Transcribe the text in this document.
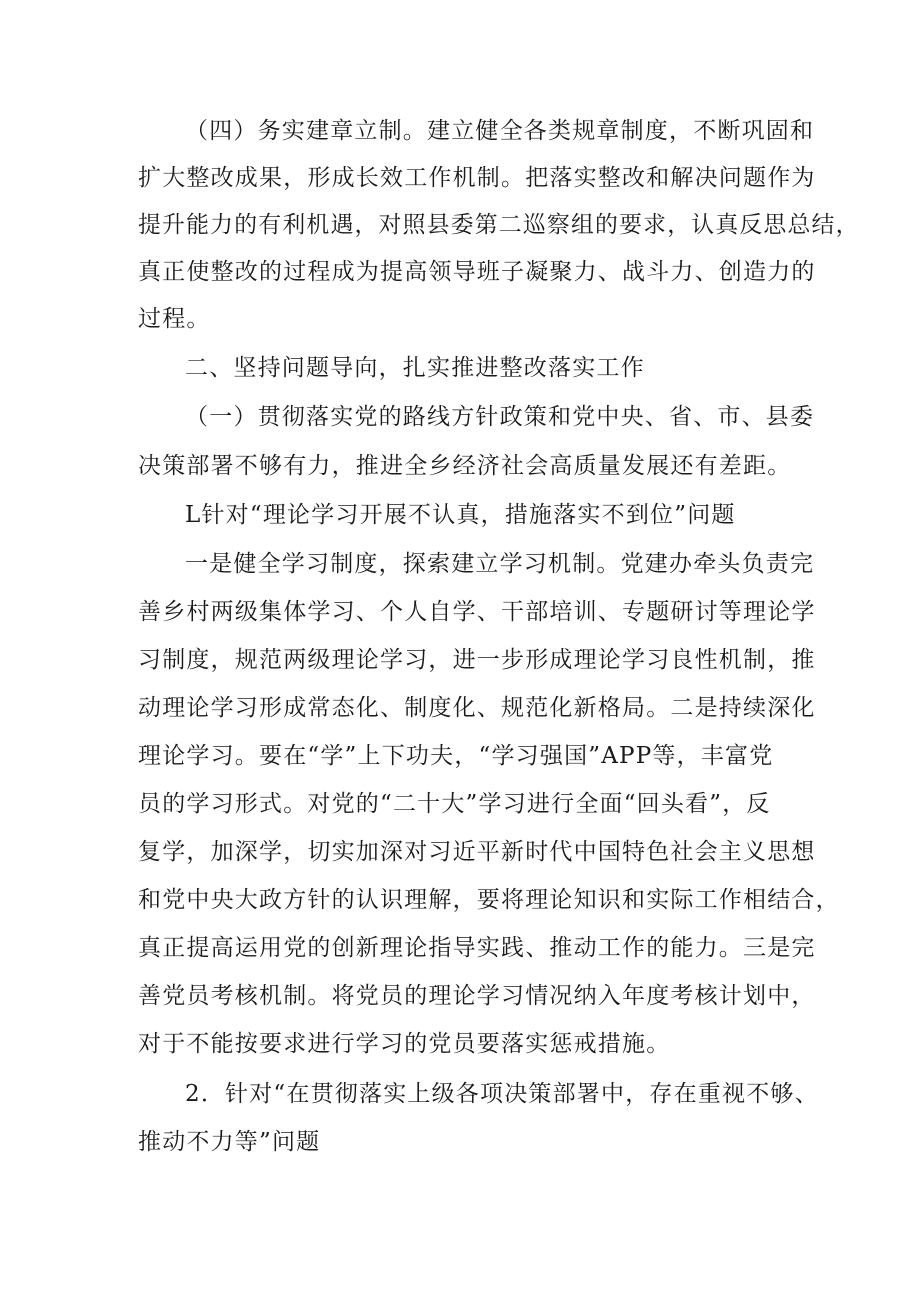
（四）务实建章立制。建立健全各类规章制度，不断巩固和
扩大整改成果，形成长效工作机制。把落实整改和解决问题作为
提升能力的有利机遇，对照县委第二巡察组的要求，认真反思总结，
真正使整改的过程成为提高领导班子凝聚力、战斗力、创造力的
过程。
二、坚持问题导向，扎实推进整改落实工作
（一）贯彻落实党的路线方针政策和党中央、省、市、县委
决策部署不够有力，推进全乡经济社会高质量发展还有差距。
L针对“理论学习开展不认真，措施落实不到位”问题
一是健全学习制度，探索建立学习机制。党建办牵头负责完
善乡村两级集体学习、个人自学、干部培训、专题研讨等理论学
习制度，规范两级理论学习，进一步形成理论学习良性机制，推
动理论学习形成常态化、制度化、规范化新格局。二是持续深化
理论学习。要在“学”上下功夫，“学习强国”APP等，丰富党
员的学习形式。对党的“二十大”学习进行全面“回头看”，反
复学，加深学，切实加深对习近平新时代中国特色社会主义思想
和党中央大政方针的认识理解，要将理论知识和实际工作相结合，
真正提高运用党的创新理论指导实践、推动工作的能力。三是完
善党员考核机制。将党员的理论学习情况纳入年度考核计划中，
对于不能按要求进行学习的党员要落实惩戒措施。
2．针对“在贯彻落实上级各项决策部署中，存在重视不够、
推动不力等”问题
